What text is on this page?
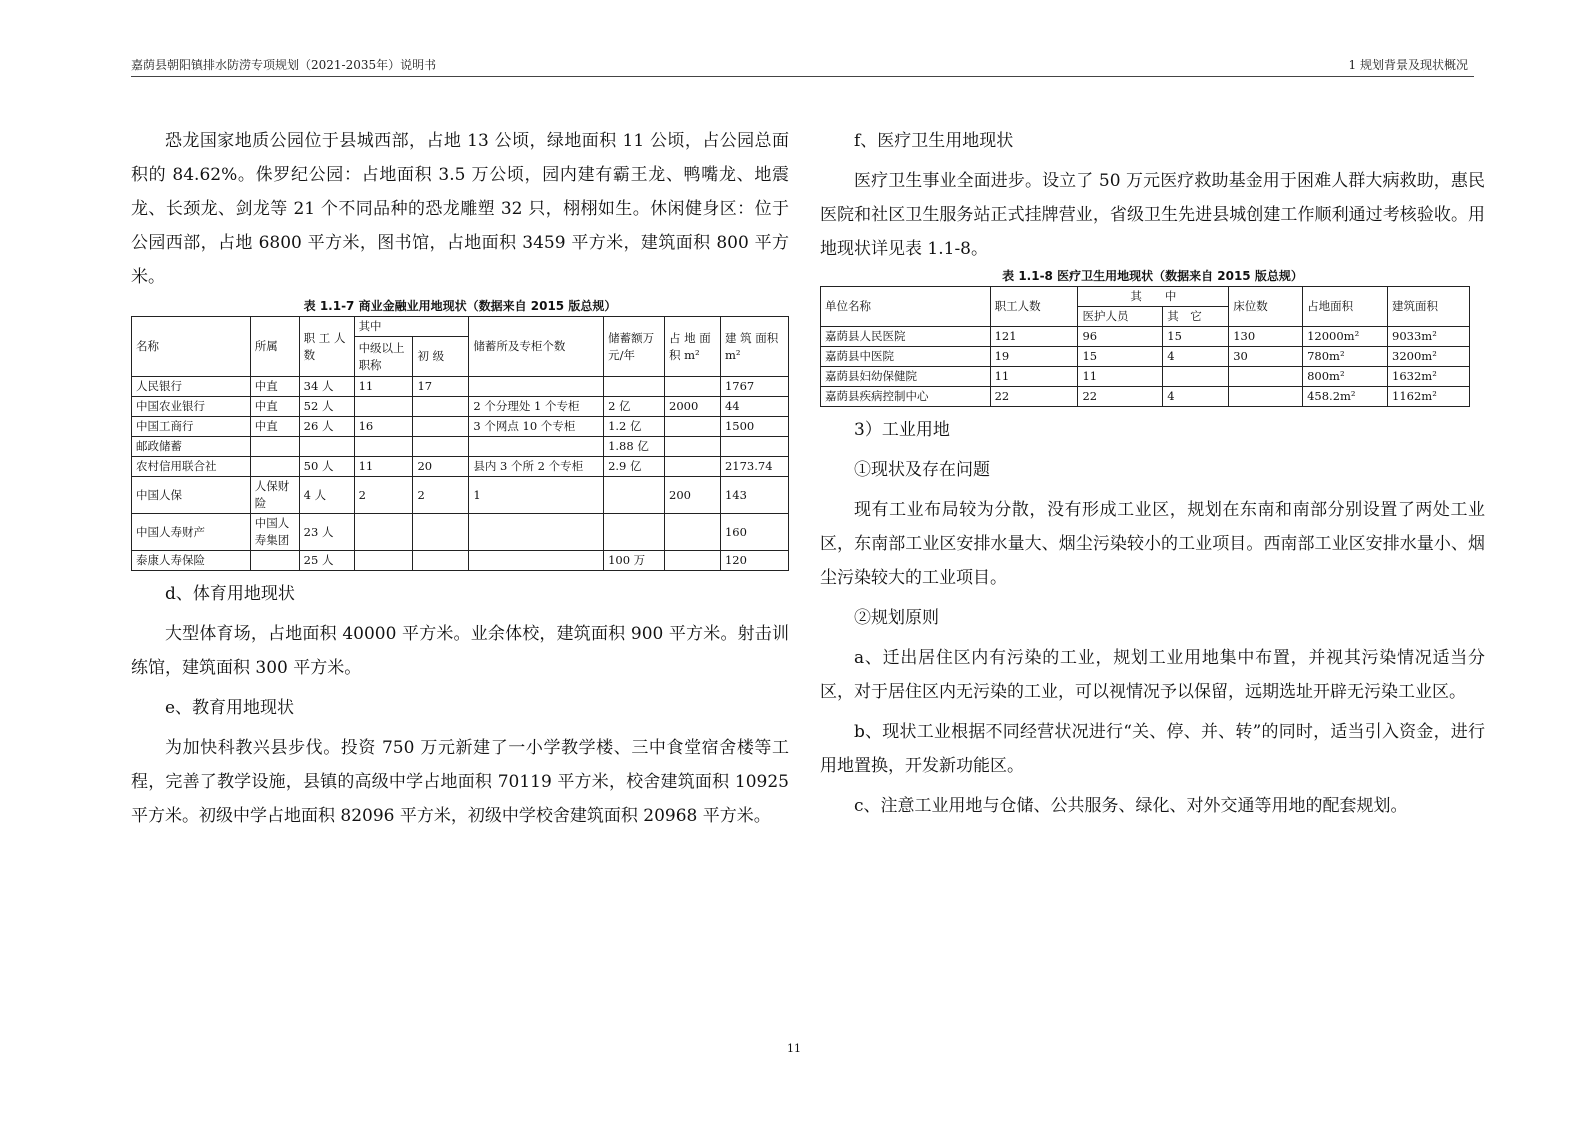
嘉荫县朝阳镇排水防涝专项规划（2021-2035年）说明书	1 规划背景及现状概况

恐龙国家地质公园位于县城西部，占地 13 公顷，绿地面积 11 公顷，占公园总面积的 84.62%。侏罗纪公园：占地面积 3.5 万公顷，园内建有霸王龙、鸭嘴龙、地震龙、长颈龙、剑龙等 21 个不同品种的恐龙雕塑 32 只，栩栩如生。休闲健身区：位于公园西部，占地 6800 平方米，图书馆，占地面积 3459 平方米，建筑面积 800 平方米。

表 1.1-7 商业金融业用地现状（数据来自 2015 版总规）
名称	所属	职 工 人数	其中		储蓄所及专柜个数	储蓄额万元/年	占 地 面积 m²	建 筑 面积 m²
			中级以上职称	初 级				
人民银行	中直	34 人	11	17				1767
中国农业银行	中直	52 人			2 个分理处 1 个专柜	2 亿	2000	44
中国工商行	中直	26 人	16		3 个网点 10 个专柜	1.2 亿		1500
邮政储蓄						1.88 亿		
农村信用联合社		50 人	11	20	县内 3 个所 2 个专柜	2.9 亿		2173.74
中国人保	人保财险	4 人	2	2	1		200	143
中国人寿财产	中国人寿集团	23 人						160
泰康人寿保险		25 人				100 万		120

d、体育用地现状

大型体育场，占地面积 40000 平方米。业余体校，建筑面积 900 平方米。射击训练馆，建筑面积 300 平方米。

e、教育用地现状

为加快科教兴县步伐。投资 750 万元新建了一小学教学楼、三中食堂宿舍楼等工程，完善了教学设施，县镇的高级中学占地面积 70119 平方米，校舍建筑面积 10925 平方米。初级中学占地面积 82096 平方米，初级中学校舍建筑面积 20968 平方米。

f、医疗卫生用地现状

医疗卫生事业全面进步。设立了 50 万元医疗救助基金用于困难人群大病救助，惠民医院和社区卫生服务站正式挂牌营业，省级卫生先进县城创建工作顺利通过考核验收。用地现状详见表 1.1-8。

表 1.1-8 医疗卫生用地现状（数据来自 2015 版总规）
单位名称	职工人数	其　　中		床位数	占地面积	建筑面积
		医护人员	其　它			
嘉荫县人民医院	121	96	15	130	12000m²	9033m²
嘉荫县中医院	19	15	4	30	780m²	3200m²
嘉荫县妇幼保健院	11	11			800m²	1632m²
嘉荫县疾病控制中心	22	22	4		458.2m²	1162m²

3）工业用地

①现状及存在问题

现有工业布局较为分散，没有形成工业区，规划在东南和南部分别设置了两处工业区，东南部工业区安排水量大、烟尘污染较小的工业项目。西南部工业区安排水量小、烟尘污染较大的工业项目。

②规划原则

a、迁出居住区内有污染的工业，规划工业用地集中布置，并视其污染情况适当分区，对于居住区内无污染的工业，可以视情况予以保留，远期选址开辟无污染工业区。

b、现状工业根据不同经营状况进行“关、停、并、转”的同时，适当引入资金，进行用地置换，开发新功能区。

c、注意工业用地与仓储、公共服务、绿化、对外交通等用地的配套规划。

11
